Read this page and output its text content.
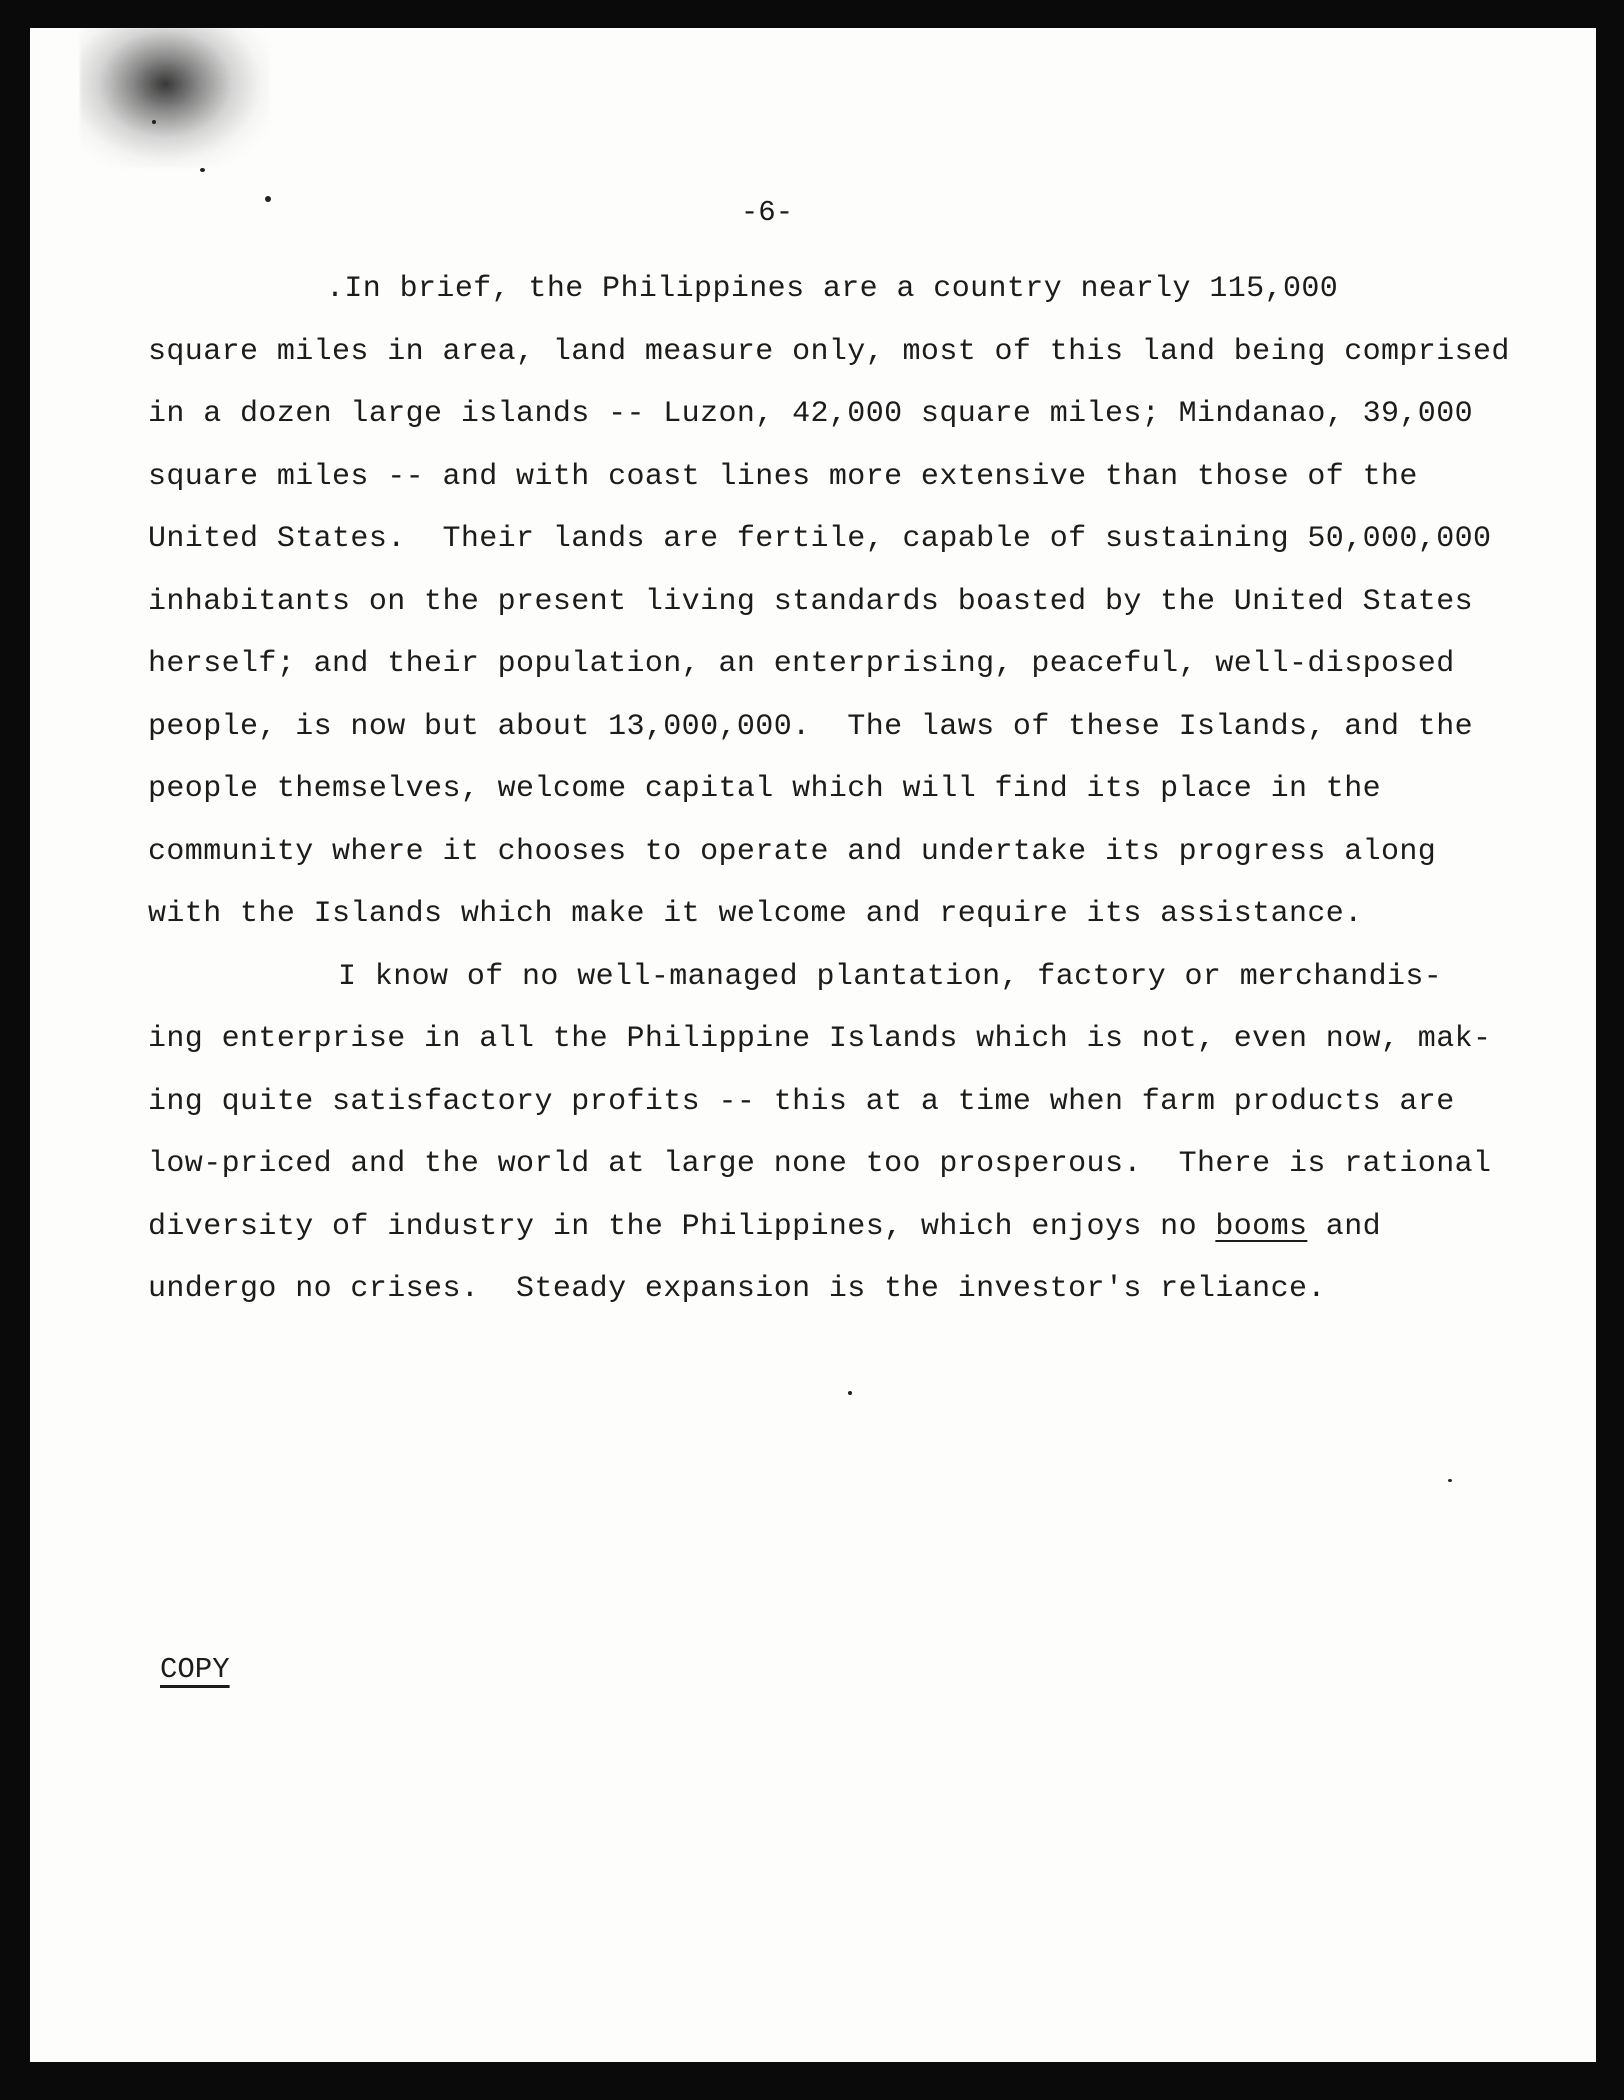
-6-
.In brief, the Philippines are a country nearly 115,000
square miles in area, land measure only, most of this land being comprised
in a dozen large islands -- Luzon, 42,000 square miles; Mindanao, 39,000
square miles -- and with coast lines more extensive than those of the
United States.  Their lands are fertile, capable of sustaining 50,000,000
inhabitants on the present living standards boasted by the United States
herself; and their population, an enterprising, peaceful, well-disposed
people, is now but about 13,000,000.  The laws of these Islands, and the
people themselves, welcome capital which will find its place in the
community where it chooses to operate and undertake its progress along
with the Islands which make it welcome and require its assistance.
I know of no well-managed plantation, factory or merchandis-
ing enterprise in all the Philippine Islands which is not, even now, mak-
ing quite satisfactory profits -- this at a time when farm products are
low-priced and the world at large none too prosperous.  There is rational
diversity of industry in the Philippines, which enjoys no booms and
undergo no crises.  Steady expansion is the investor's reliance.
COPY
